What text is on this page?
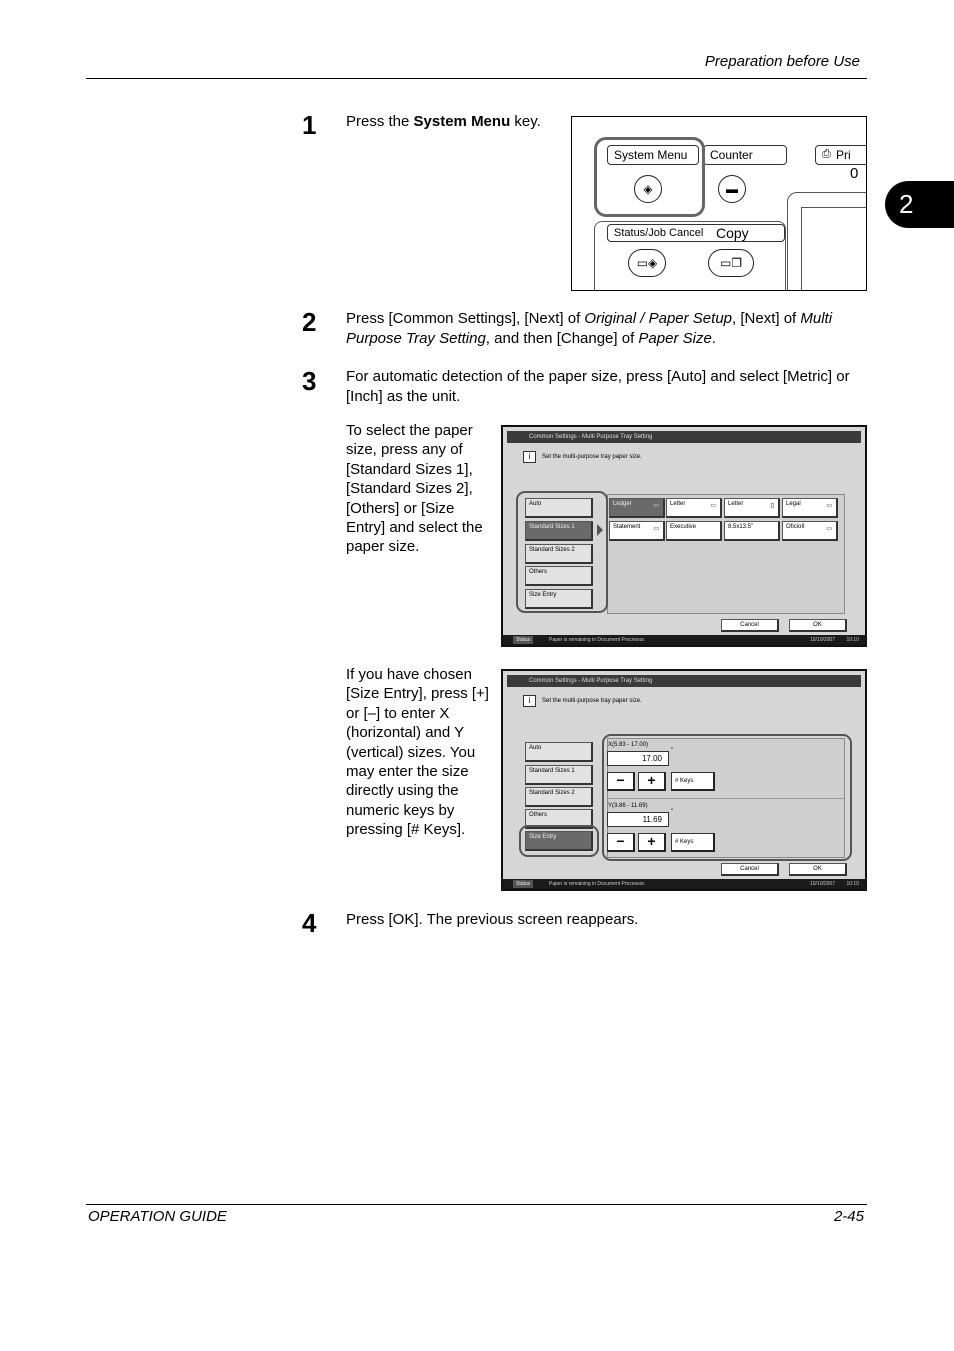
Preparation before Use
2
1 Press the System Menu key.
System Menu	Counter	⎙ Pri
0
◈	▬
Status/Job Cancel Copy
▭◈	▭❐
2 Press [Common Settings], [Next] of Original / Paper Setup, [Next] of Multi Purpose Tray Setting, and then [Change] of Paper Size.
3 For automatic detection of the paper size, press [Auto] and select [Metric] or [Inch] as the unit.
To select the paper size, press any of [Standard Sizes 1], [Standard Sizes 2], [Others] or [Size Entry] and select the paper size.
Common Settings - Multi Purpose Tray Setting
i Set the multi-purpose tray paper size.
Auto
Standard Sizes 1
Standard Sizes 2
Others
Size Entry
Ledger	▭	Letter	▭	Letter	▯	Legal	▭
Statement ▭	Executive	8.5x13.5"	OficioII	▭
Cancel	OK
Status	Paper is remaining in Document Processor.	10/10/2007 10:10
If you have chosen [Size Entry], press [+] or [–] to enter X (horizontal) and Y (vertical) sizes. You may enter the size directly using the numeric keys by pressing [# Keys].
Common Settings - Multi Purpose Tray Setting
i Set the multi-purpose tray paper size.
Auto
Standard Sizes 1
Standard Sizes 2
Others
Size Entry
X(5.83 - 17.00)
17.00
"
−	+	# Keys
Y(3.86 - 11.69)
11.69
"
−	+	# Keys
Cancel	OK
Status	Paper is remaining in Document Processor.	10/10/2007 10:10
4 Press [OK]. The previous screen reappears.
OPERATION GUIDE	2-45
